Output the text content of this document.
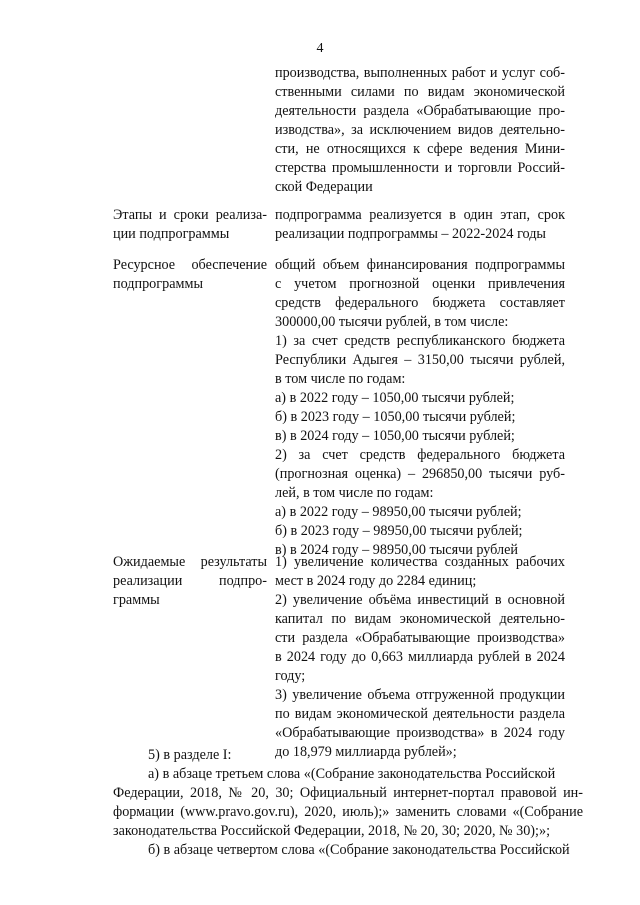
4
производства, выполненных работ и услуг соб-
ственными силами по видам экономической
деятельности раздела «Обрабатывающие про-
изводства», за исключением видов деятельно-
сти, не относящихся к сфере ведения Мини-
стерства промышленности и торговли Россий-
ской Федерации
Этапы и сроки реализа-
ции подпрограммы
подпрограмма реализуется в один этап, срок
реализации подпрограммы – 2022-2024 годы
Ресурсное обеспечение
подпрограммы
общий объем финансирования подпрограммы
с учетом прогнозной оценки привлечения
средств федерального бюджета составляет
300000,00 тысячи рублей, в том числе:
1) за счет средств республиканского бюджета
Республики Адыгея – 3150,00 тысячи рублей,
в том числе по годам:
а) в 2022 году – 1050,00 тысячи рублей;
б) в 2023 году – 1050,00 тысячи рублей;
в) в 2024 году – 1050,00 тысячи рублей;
2) за счет средств федерального бюджета
(прогнозная оценка) – 296850,00 тысячи руб-
лей, в том числе по годам:
а) в 2022 году – 98950,00 тысячи рублей;
б) в 2023 году – 98950,00 тысячи рублей;
в) в 2024 году – 98950,00 тысячи рублей
Ожидаемые результаты
реализации подпро-
граммы
1) увеличение количества созданных рабочих
мест в 2024 году до 2284 единиц;
2) увеличение объёма инвестиций в основной
капитал по видам экономической деятельно-
сти раздела «Обрабатывающие производства»
в 2024 году до 0,663 миллиарда рублей в 2024
году;
3) увеличение объема отгруженной продукции
по видам экономической деятельности раздела
«Обрабатывающие производства» в 2024 году
до 18,979 миллиарда рублей»;
5) в разделе I:
а) в абзаце третьем слова «(Собрание законодательства Российской
Федерации, 2018, № 20, 30; Официальный интернет-портал правовой ин-
формации (www.pravo.gov.ru), 2020, июль);» заменить словами «(Собрание
законодательства Российской Федерации, 2018, № 20, 30; 2020, № 30);»;
б) в абзаце четвертом слова «(Собрание законодательства Российской
